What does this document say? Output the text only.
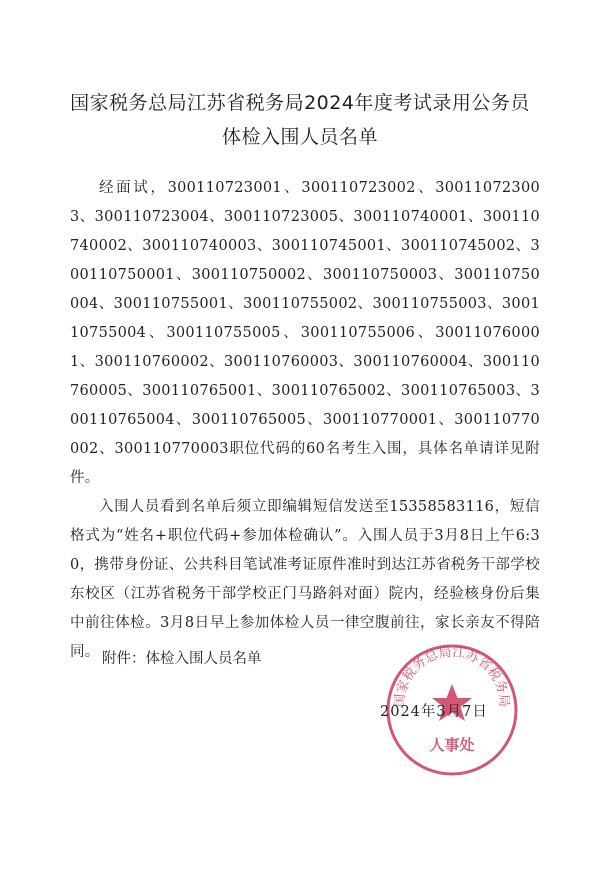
国家税务总局江苏省税务局2024年度考试录用公务员
体检入围人员名单

经面试，300110723001、300110723002、300110723003、300110723004、300110723005、300110740001、300110740002、300110740003、300110745001、300110745002、300110750001、300110750002、300110750003、300110750004、300110755001、300110755002、300110755003、300110755004、300110755005、300110755006、300110760001、300110760002、300110760003、300110760004、300110760005、300110765001、300110765002、300110765003、300110765004、300110765005、300110770001、300110770002、300110770003职位代码的60名考生入围，具体名单请详见附件。

入围人员看到名单后须立即编辑短信发送至15358583116，短信格式为“姓名+职位代码+参加体检确认”。入围人员于3月8日上午6:30，携带身份证、公共科目笔试准考证原件准时到达江苏省税务干部学校东校区（江苏省税务干部学校正门马路斜对面）院内，经验核身份后集中前往体检。3月8日早上参加体检人员一律空腹前往，家长亲友不得陪同。 附件：体检入围人员名单
国家税务总局江苏省税务局
人事处
2024年3月7日
